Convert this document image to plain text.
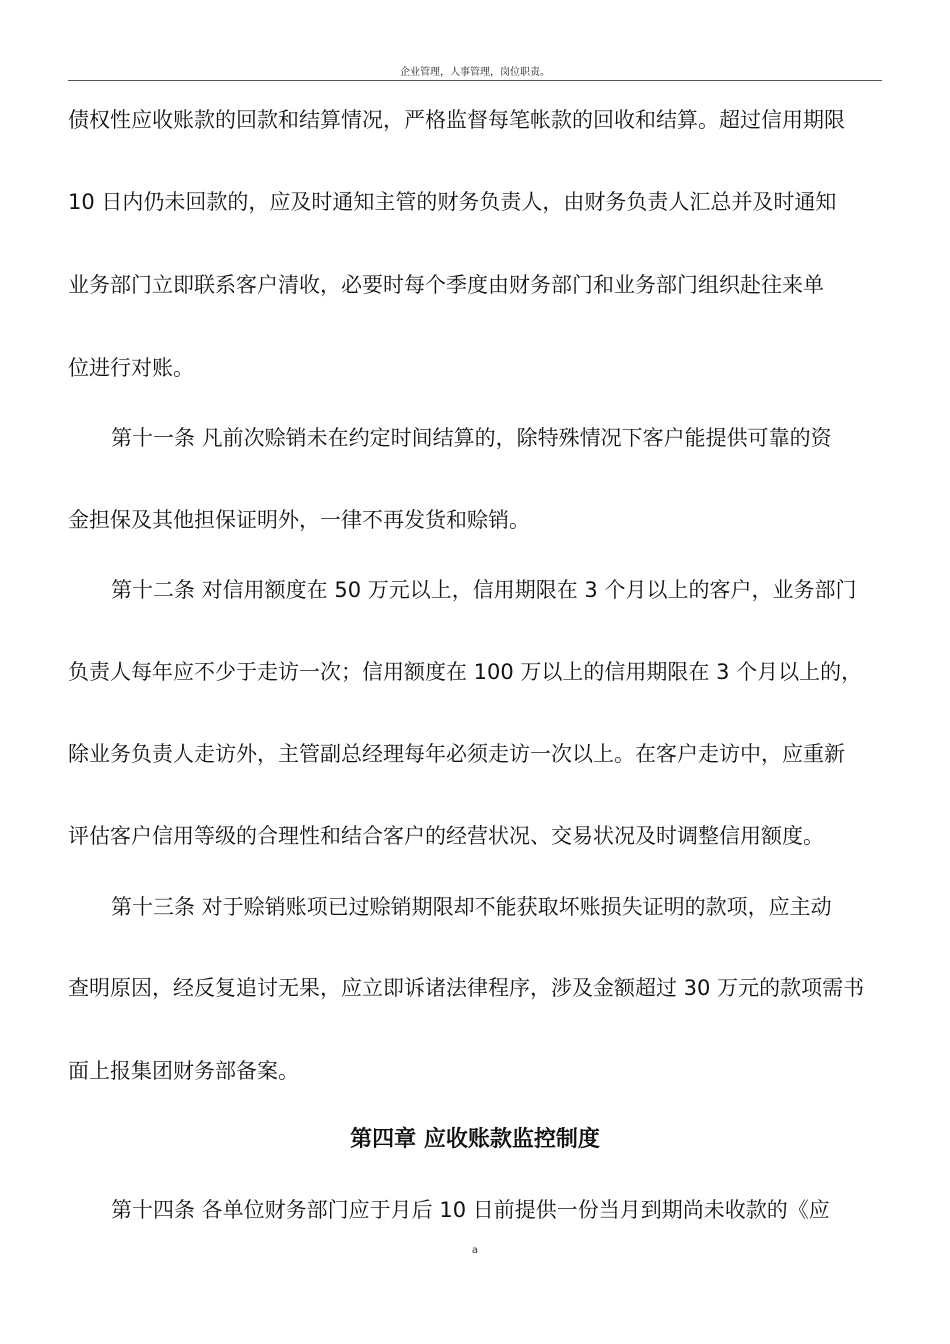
企业管理，人事管理，岗位职责。
债权性应收账款的回款和结算情况，严格监督每笔帐款的回收和结算。超过信用期限
10 日内仍未回款的，应及时通知主管的财务负责人，由财务负责人汇总并及时通知
业务部门立即联系客户清收，必要时每个季度由财务部门和业务部门组织赴往来单
位进行对账。
第十一条 凡前次赊销未在约定时间结算的，除特殊情况下客户能提供可靠的资
金担保及其他担保证明外，一律不再发货和赊销。
第十二条 对信用额度在 50 万元以上，信用期限在 3 个月以上的客户，业务部门
负责人每年应不少于走访一次；信用额度在 100 万以上的信用期限在 3 个月以上的，
除业务负责人走访外，主管副总经理每年必须走访一次以上。在客户走访中，应重新
评估客户信用等级的合理性和结合客户的经营状况、交易状况及时调整信用额度。
第十三条 对于赊销账项已过赊销期限却不能获取坏账损失证明的款项，应主动
查明原因，经反复追讨无果，应立即诉诸法律程序，涉及金额超过 30 万元的款项需书
面上报集团财务部备案。
第四章 应收账款监控制度
第十四条 各单位财务部门应于月后 10 日前提供一份当月到期尚未收款的《应
a
